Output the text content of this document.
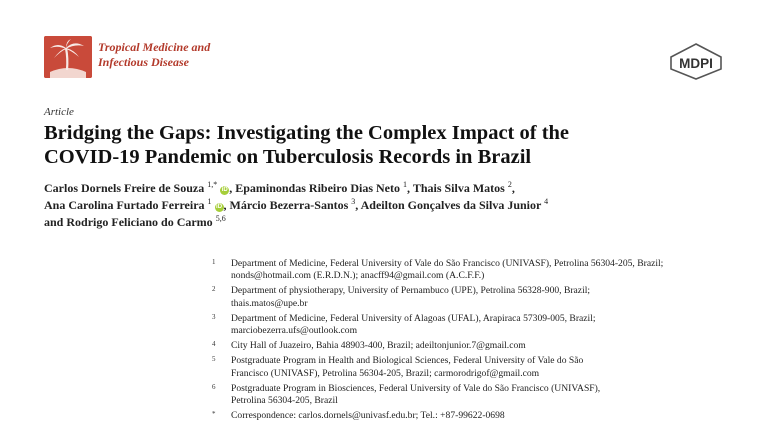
Tropical Medicine and
Infectious Disease	MDPI
Article
Bridging the Gaps: Investigating the Complex Impact of the
COVID-19 Pandemic on Tuberculosis Records in Brazil
Carlos Dornels Freire de Souza $^{1,*}$ iD , Epaminondas Ribeiro Dias Neto $^1$, Thais Silva Matos $^2$,
Ana Carolina Furtado Ferreira $^1$ iD , Márcio Bezerra-Santos $^3$, Adeilton Gonçalves da Silva Junior $^4$
and Rodrigo Feliciano do Carmo $^{5,6}$
1 Department of Medicine, Federal University of Vale do São Francisco (UNIVASF), Petrolina 56304-205, Brazil;
nonds@hotmail.com (E.R.D.N.); anacff94@gmail.com (A.C.F.F.)
2 Department of physiotherapy, University of Pernambuco (UPE), Petrolina 56328-900, Brazil;
thais.matos@upe.br
3 Department of Medicine, Federal University of Alagoas (UFAL), Arapiraca 57309-005, Brazil;
marciobezerra.ufs@outlook.com
4 City Hall of Juazeiro, Bahia 48903-400, Brazil; adeiltonjunior.7@gmail.com
5 Postgraduate Program in Health and Biological Sciences, Federal University of Vale do São
Francisco (UNIVASF), Petrolina 56304-205, Brazil; carmorodrigof@gmail.com
6 Postgraduate Program in Biosciences, Federal University of Vale do São Francisco (UNIVASF),
Petrolina 56304-205, Brazil
* Correspondence: carlos.dornels@univasf.edu.br; Tel.: +87-99622-0698
